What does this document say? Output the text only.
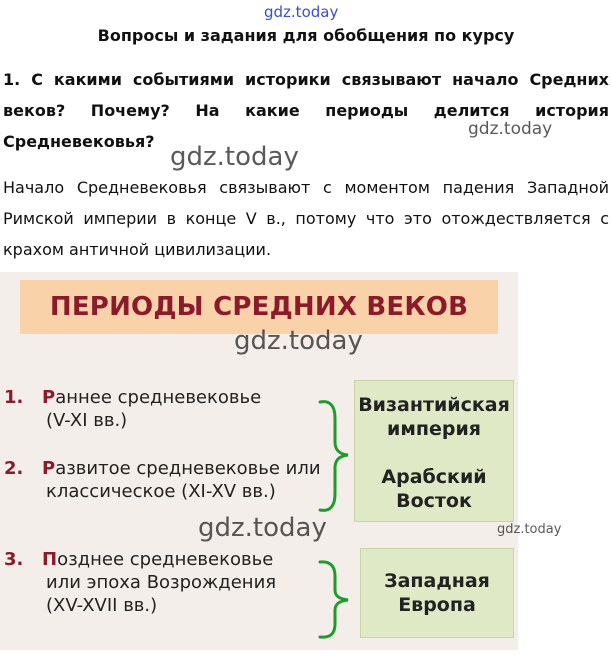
gdz.today
Вопросы и задания для обобщения по курсу
1. С какими событиями историки связывают начало Средних веков? Почему? На какие периоды делится история Средневековья?
gdz.today
gdz.today
Начало Средневековья связывают с моментом падения Западной Римской империи в конце V в., потому что это отождествляется с крахом античной цивилизации.
ПЕРИОДЫ СРЕДНИХ ВЕКОВ
1. Раннее средневековье
(V-XI вв.)
2. Развитое средневековье или
классическое (XI-XV вв.)
3. Позднее средневековье
или эпоха Возрождения
(XV-XVII вв.)
Византийская
империя
Арабский
Восток
Западная
Европа
gdz.today
gdz.today	gdz.today
